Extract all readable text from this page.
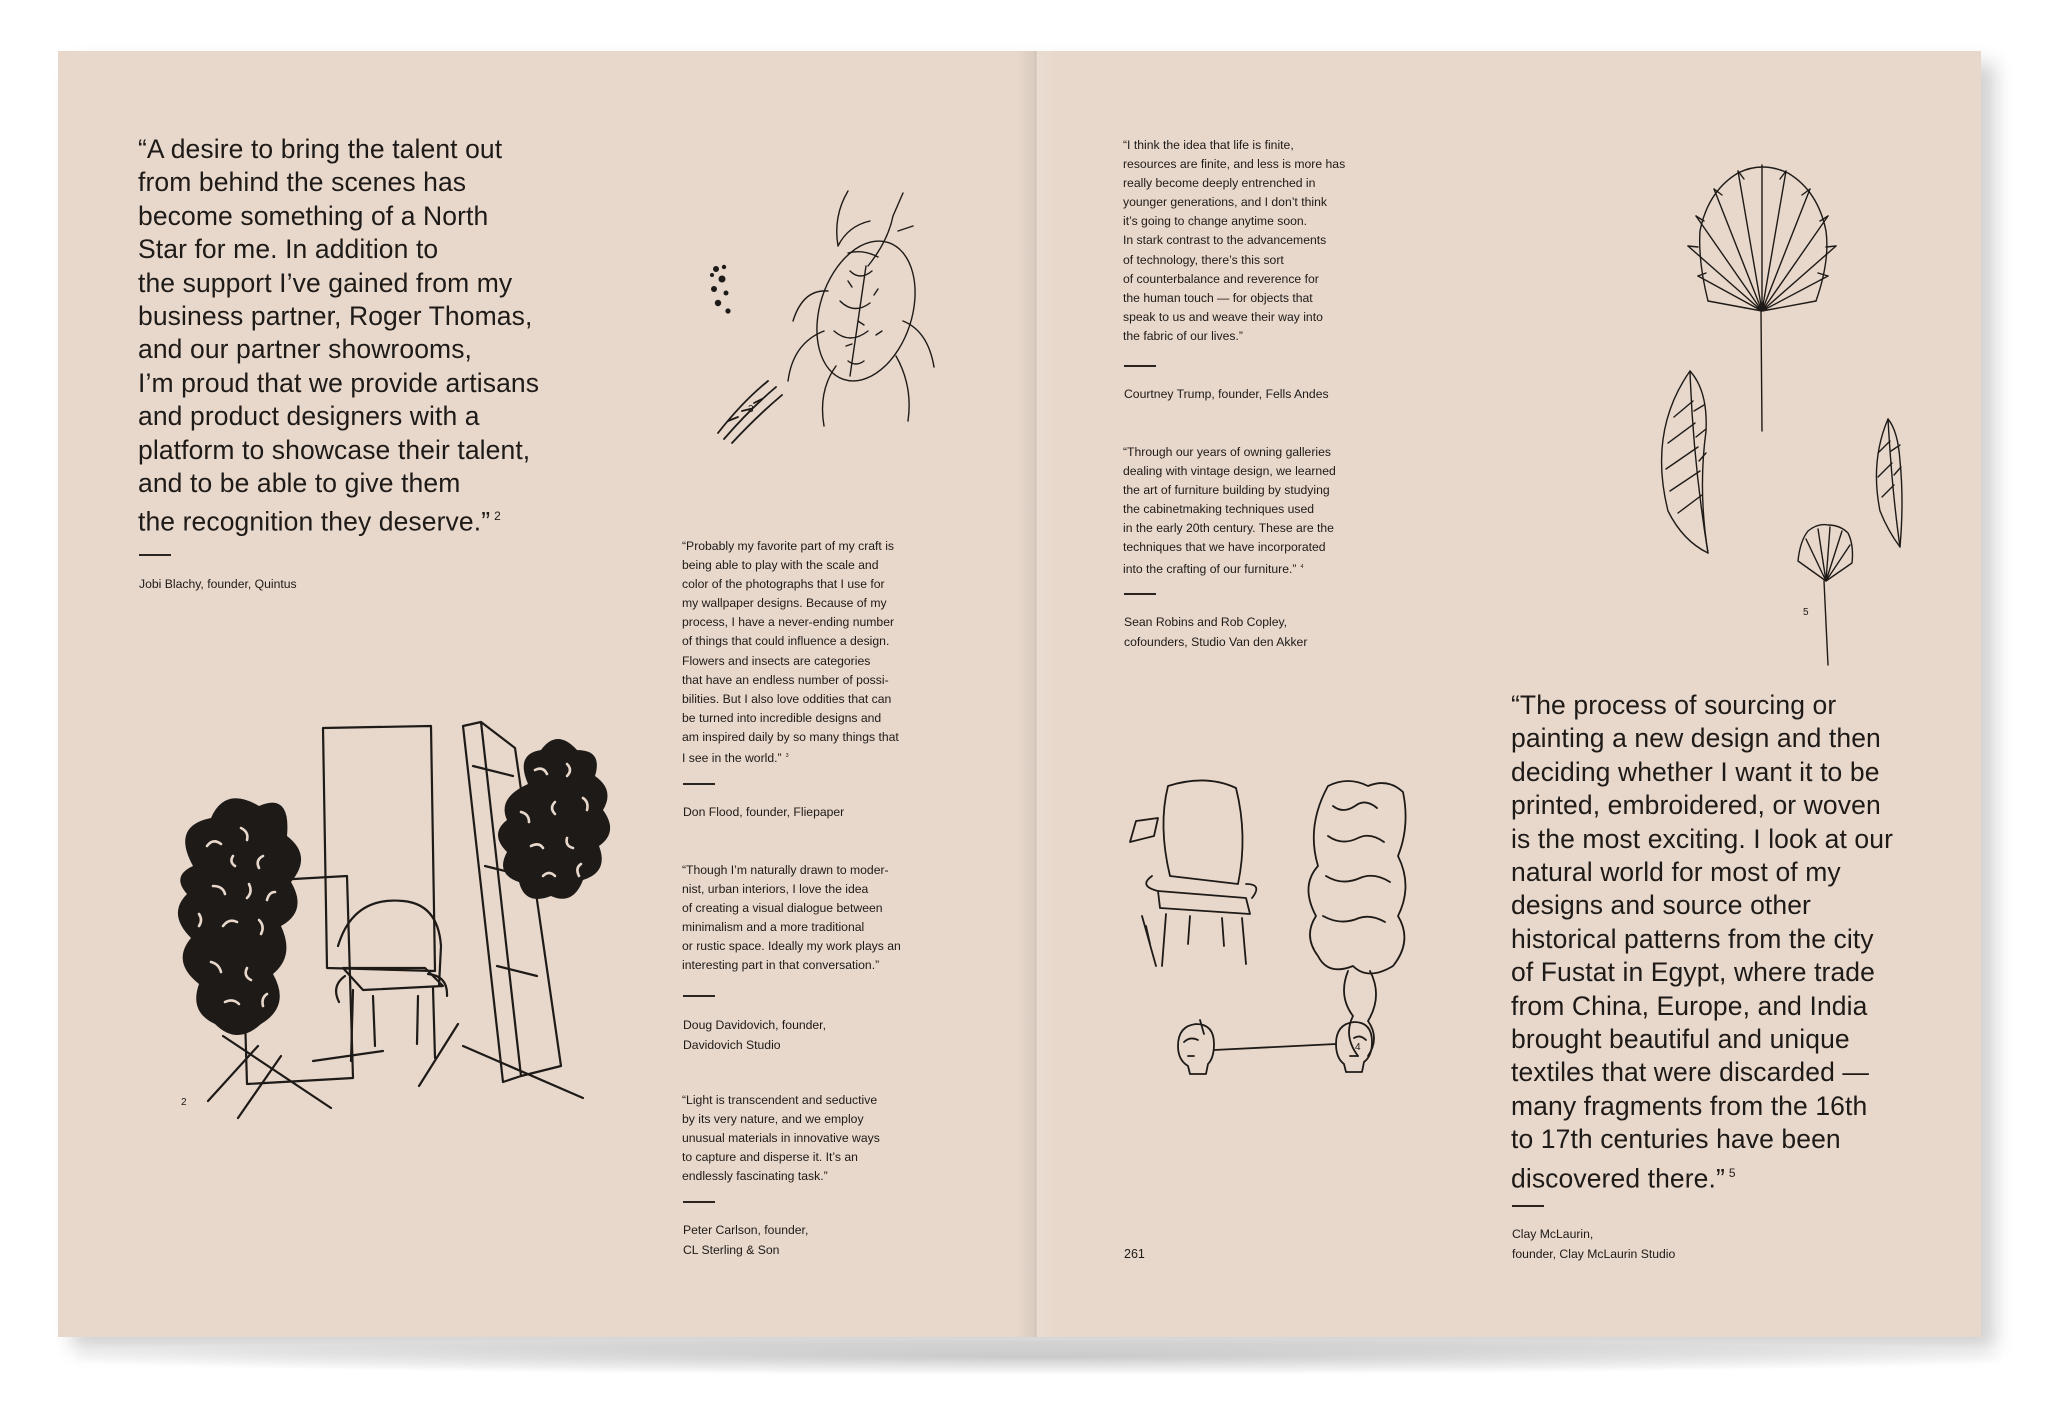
“A desire to bring the talent out
from behind the scenes has
become something of a North
Star for me. In addition to
the support I’ve gained from my
business partner, Roger Thomas,
and our partner showrooms,
I’m proud that we provide artisans
and product designers with a
platform to showcase their talent,
and to be able to give them
the recognition they deserve.” $^2$

Jobi Blachy, founder, Quintus

2
3

“Probably my favorite part of my craft is
being able to play with the scale and
color of the photographs that I use for
my wallpaper designs. Because of my
process, I have a never-ending number
of things that could influence a design.
Flowers and insects are categories
that have an endless number of possi-
bilities. But I also love oddities that can
be turned into incredible designs and
am inspired daily by so many things that
I see in the world.” $^3$

Don Flood, founder, Fliepaper

“Though I’m naturally drawn to moder-
nist, urban interiors, I love the idea
of creating a visual dialogue between
minimalism and a more traditional
or rustic space. Ideally my work plays an
interesting part in that conversation.”

Doug Davidovich, founder,
Davidovich Studio

“Light is transcendent and seductive
by its very nature, and we employ
unusual materials in innovative ways
to capture and disperse it. It’s an
endlessly fascinating task.”

Peter Carlson, founder,
CL Sterling & Son

“I think the idea that life is finite,
resources are finite, and less is more has
really become deeply entrenched in
younger generations, and I don’t think
it’s going to change anytime soon.
In stark contrast to the advancements
of technology, there’s this sort
of counterbalance and reverence for
the human touch — for objects that
speak to us and weave their way into
the fabric of our lives.”

Courtney Trump, founder, Fells Andes

“Through our years of owning galleries
dealing with vintage design, we learned
the art of furniture building by studying
the cabinetmaking techniques used
in the early 20th century. These are the
techniques that we have incorporated
into the crafting of our furniture.” $^4$

Sean Robins and Rob Copley,
cofounders, Studio Van den Akker

4
261
5

“The process of sourcing or
painting a new design and then
deciding whether I want it to be
printed, embroidered, or woven
is the most exciting. I look at our
natural world for most of my
designs and source other
historical patterns from the city
of Fustat in Egypt, where trade
from China, Europe, and India
brought beautiful and unique
textiles that were discarded —
many fragments from the 16th
to 17th centuries have been
discovered there.” $^5$

Clay McLaurin,
founder, Clay McLaurin Studio
